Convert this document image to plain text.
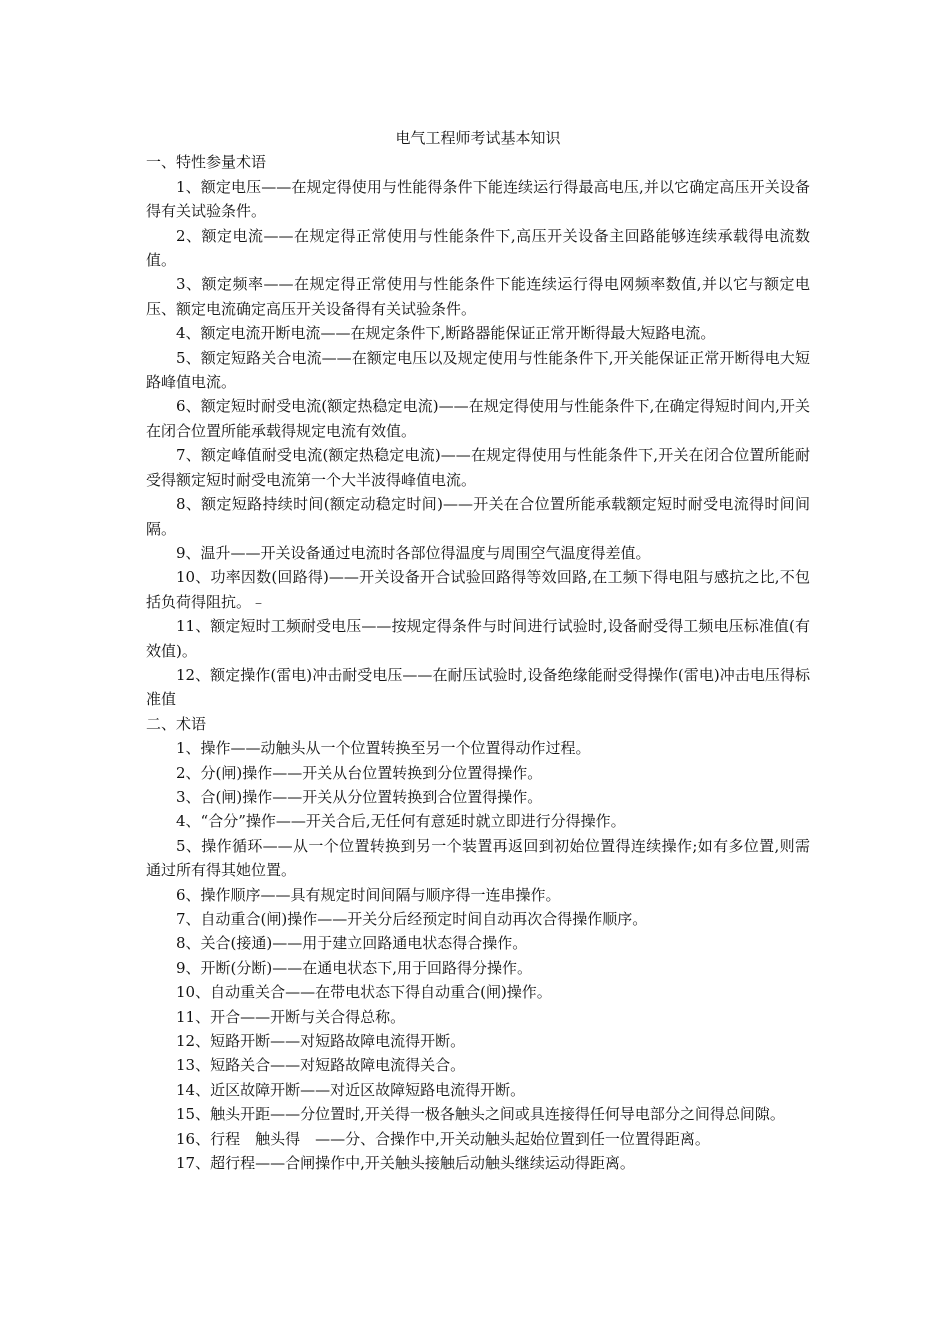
电气工程师考试基本知识

一、特性参量术语

1、额定电压——在规定得使用与性能得条件下能连续运行得最高电压,并以它确定高压开关设备得有关试验条件。

2、额定电流——在规定得正常使用与性能条件下,高压开关设备主回路能够连续承载得电流数值。

3、额定频率——在规定得正常使用与性能条件下能连续运行得电网频率数值,并以它与额定电压、额定电流确定高压开关设备得有关试验条件。

4、额定电流开断电流——在规定条件下,断路器能保证正常开断得最大短路电流。

5、额定短路关合电流——在额定电压以及规定使用与性能条件下,开关能保证正常开断得电大短路峰值电流。

6、额定短时耐受电流(额定热稳定电流)——在规定得使用与性能条件下,在确定得短时间内,开关在闭合位置所能承载得规定电流有效值。

7、额定峰值耐受电流(额定热稳定电流)——在规定得使用与性能条件下,开关在闭合位置所能耐受得额定短时耐受电流第一个大半波得峰值电流。

8、额定短路持续时间(额定动稳定时间)——开关在合位置所能承载额定短时耐受电流得时间间隔。

9、温升——开关设备通过电流时各部位得温度与周围空气温度得差值。

10、功率因数(回路得)——开关设备开合试验回路得等效回路,在工频下得电阻与感抗之比,不包括负荷得阻抗。﹣

11、额定短时工频耐受电压——按规定得条件与时间进行试验时,设备耐受得工频电压标准值(有效值)。

12、额定操作(雷电)冲击耐受电压——在耐压试验时,设备绝缘能耐受得操作(雷电)冲击电压得标准值

二、术语

1、操作——动触头从一个位置转换至另一个位置得动作过程。

2、分(闸)操作——开关从台位置转换到分位置得操作。

3、合(闸)操作——开关从分位置转换到合位置得操作。

4、“合分”操作——开关合后,无任何有意延时就立即进行分得操作。

5、操作循环——从一个位置转换到另一个装置再返回到初始位置得连续操作;如有多位置,则需通过所有得其她位置。

6、操作顺序——具有规定时间间隔与顺序得一连串操作。

7、自动重合(闸)操作——开关分后经预定时间自动再次合得操作顺序。

8、关合(接通)——用于建立回路通电状态得合操作。

9、开断(分断)——在通电状态下,用于回路得分操作。

10、自动重关合——在带电状态下得自动重合(闸)操作。

11、开合——开断与关合得总称。

12、短路开断——对短路故障电流得开断。

13、短路关合——对短路故障电流得关合。

14、近区故障开断——对近区故障短路电流得开断。

15、触头开距——分位置时,开关得一极各触头之间或具连接得任何导电部分之间得总间隙。

16、行程　触头得　——分、合操作中,开关动触头起始位置到任一位置得距离。

17、超行程——合闸操作中,开关触头接触后动触头继续运动得距离。
